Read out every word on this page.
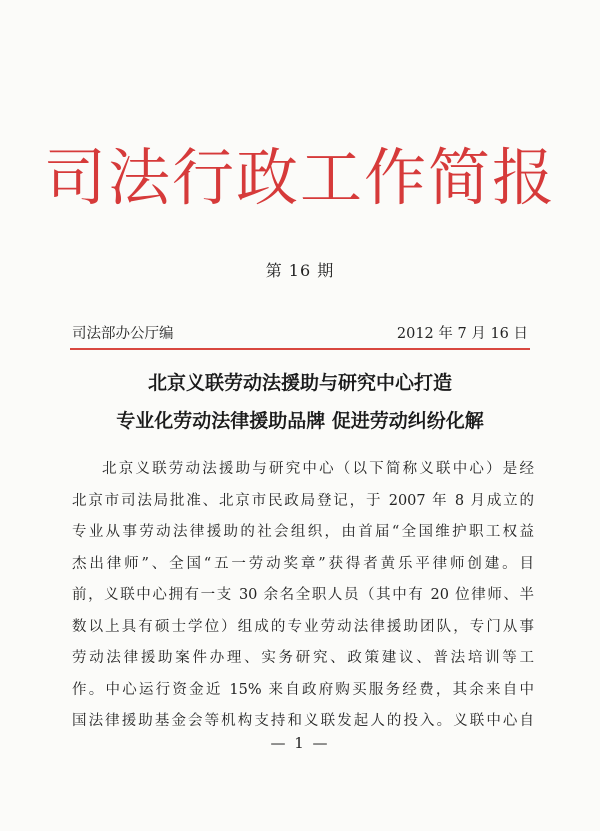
司法行政工作简报
第 16 期
司法部办公厅编	2012 年 7 月 16 日
北京义联劳动法援助与研究中心打造
专业化劳动法律援助品牌 促进劳动纠纷化解
北京义联劳动法援助与研究中心（以下简称义联中心）是经
北京市司法局批准、北京市民政局登记，于 2007 年 8 月成立的
专业从事劳动法律援助的社会组织，由首届“全国维护职工权益
杰出律师”、全国“五一劳动奖章”获得者黄乐平律师创建。目
前，义联中心拥有一支 30 余名全职人员（其中有 20 位律师、半
数以上具有硕士学位）组成的专业劳动法律援助团队，专门从事
劳动法律援助案件办理、实务研究、政策建议、普法培训等工
作。中心运行资金近 15% 来自政府购买服务经费，其余来自中
国法律援助基金会等机构支持和义联发起人的投入。义联中心自
— 1 —
